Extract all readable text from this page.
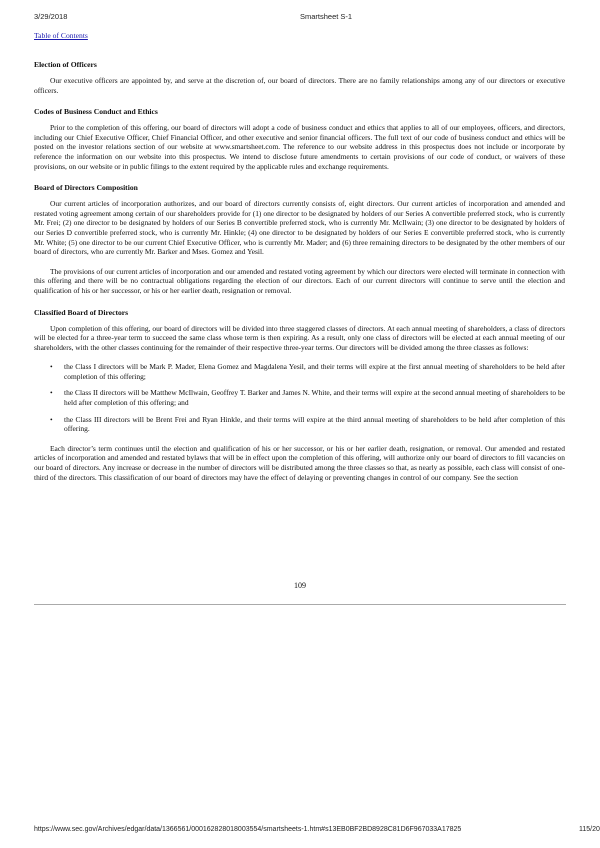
3/29/2018	Smartsheet S-1
Table of Contents
Election of Officers

Our executive officers are appointed by, and serve at the discretion of, our board of directors. There are no family relationships among any of our directors or executive officers.

Codes of Business Conduct and Ethics

Prior to the completion of this offering, our board of directors will adopt a code of business conduct and ethics that applies to all of our employees, officers, and directors, including our Chief Executive Officer, Chief Financial Officer, and other executive and senior financial officers. The full text of our code of business conduct and ethics will be posted on the investor relations section of our website at www.smartsheet.com. The reference to our website address in this prospectus does not include or incorporate by reference the information on our website into this prospectus. We intend to disclose future amendments to certain provisions of our code of conduct, or waivers of these provisions, on our website or in public filings to the extent required by the applicable rules and exchange requirements.

Board of Directors Composition

Our current articles of incorporation authorizes, and our board of directors currently consists of, eight directors. Our current articles of incorporation and amended and restated voting agreement among certain of our shareholders provide for (1) one director to be designated by holders of our Series A convertible preferred stock, who is currently Mr. Frei; (2) one director to be designated by holders of our Series B convertible preferred stock, who is currently Mr. McIlwain; (3) one director to be designated by holders of our Series D convertible preferred stock, who is currently Mr. Hinkle; (4) one director to be designated by holders of our Series E convertible preferred stock, who is currently Mr. White; (5) one director to be our current Chief Executive Officer, who is currently Mr. Mader; and (6) three remaining directors to be designated by the other members of our board of directors, who are currently Mr. Barker and Mses. Gomez and Yesil.

The provisions of our current articles of incorporation and our amended and restated voting agreement by which our directors were elected will terminate in connection with this offering and there will be no contractual obligations regarding the election of our directors. Each of our current directors will continue to serve until the election and qualification of his or her successor, or his or her earlier death, resignation or removal.

Classified Board of Directors

Upon completion of this offering, our board of directors will be divided into three staggered classes of directors. At each annual meeting of shareholders, a class of directors will be elected for a three-year term to succeed the same class whose term is then expiring. As a result, only one class of directors will be elected at each annual meeting of our shareholders, with the other classes continuing for the remainder of their respective three-year terms. Our directors will be divided among the three classes as follows:

• the Class I directors will be Mark P. Mader, Elena Gomez and Magdalena Yesil, and their terms will expire at the first annual meeting of shareholders to be held after completion of this offering;
• the Class II directors will be Matthew McIlwain, Geoffrey T. Barker and James N. White, and their terms will expire at the second annual meeting of shareholders to be held after completion of this offering; and
• the Class III directors will be Brent Frei and Ryan Hinkle, and their terms will expire at the third annual meeting of shareholders to be held after completion of this offering.

Each director’s term continues until the election and qualification of his or her successor, or his or her earlier death, resignation, or removal. Our amended and restated articles of incorporation and amended and restated bylaws that will be in effect upon the completion of this offering, will authorize only our board of directors to fill vacancies on our board of directors. Any increase or decrease in the number of directors will be distributed among the three classes so that, as nearly as possible, each class will consist of one-third of the directors. This classification of our board of directors may have the effect of delaying or preventing changes in control of our company. See the section

109
https://www.sec.gov/Archives/edgar/data/1366561/000162828018003554/smartsheets-1.htm#s13EB0BF2BD8928C81D6F967033A17825	115/20
